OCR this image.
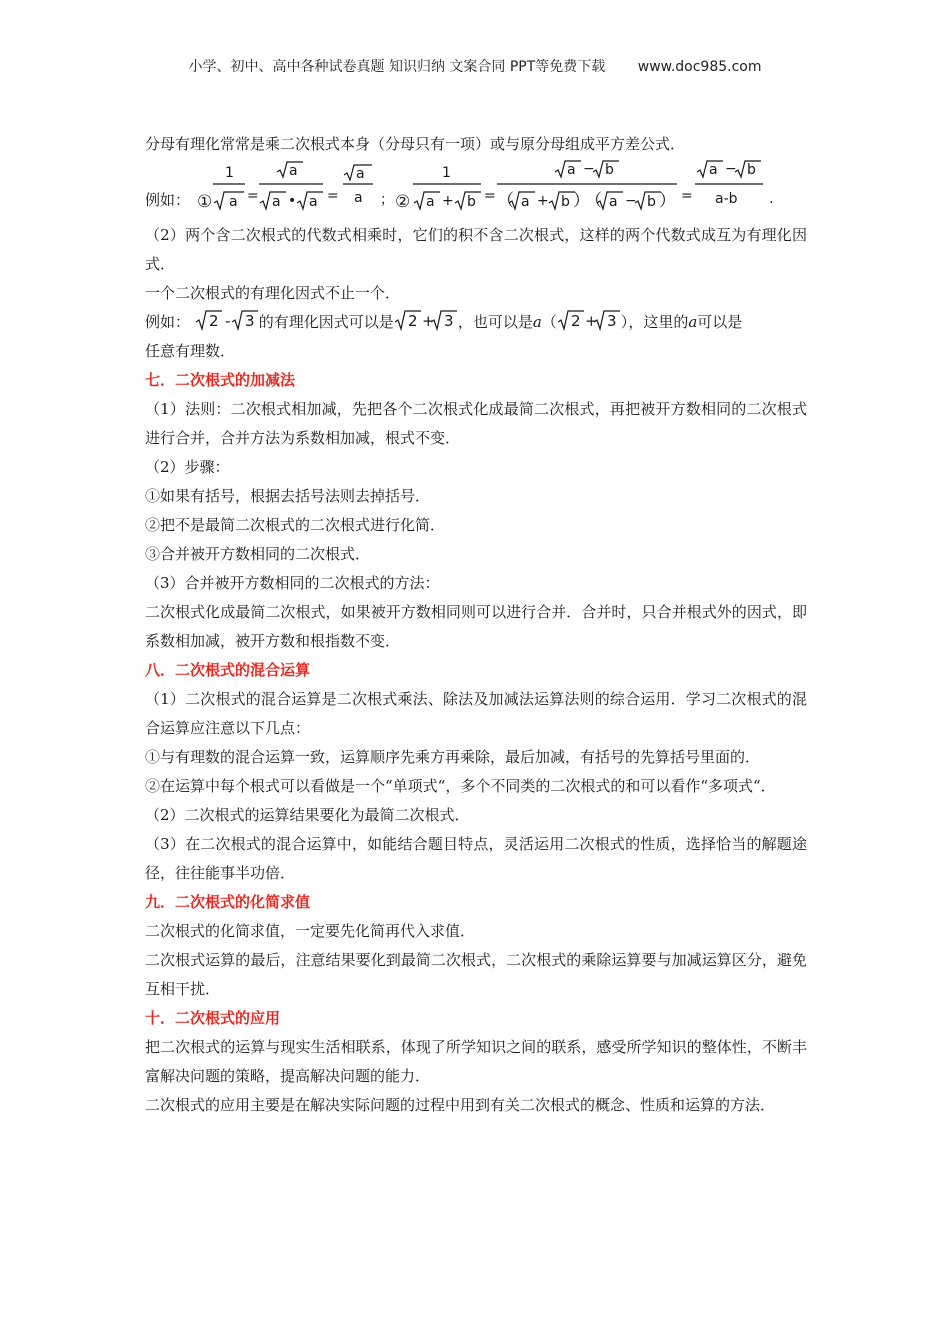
小学、初中、高中各种试卷真题 知识归纳 文案合同 PPT等免费下载 www.doc985.com

分母有理化常常是乘二次根式本身（分母只有一项）或与原分母组成平方差公式．

例如： ①
1
a =
a
a • a =
a
a ； ②
1
a + b =
a − b
（ a + b ）
（ a − b ） =
a − b
a-b .

（2）两个含二次根式的代数式相乘时，它们的积不含二次根式，这样的两个代数式成互为有理化因式．

一个二次根式的有理化因式不止一个．

例如： 2 - 3 的有理化因式可以是 2 + 3 ，也可以是a（ 2 + 3 ），这里的a可以是

任意有理数．

七．二次根式的加减法

（1）法则：二次根式相加减，先把各个二次根式化成最简二次根式，再把被开方数相同的二次根式进行合并，合并方法为系数相加减，根式不变．

（2）步骤：

①如果有括号，根据去括号法则去掉括号．

②把不是最简二次根式的二次根式进行化简．

③合并被开方数相同的二次根式．

（3）合并被开方数相同的二次根式的方法：

二次根式化成最简二次根式，如果被开方数相同则可以进行合并．合并时，只合并根式外的因式，即系数相加减，被开方数和根指数不变．

八．二次根式的混合运算

（1）二次根式的混合运算是二次根式乘法、除法及加减法运算法则的综合运用．学习二次根式的混合运算应注意以下几点：

①与有理数的混合运算一致，运算顺序先乘方再乘除，最后加减，有括号的先算括号里面的．

②在运算中每个根式可以看做是一个“单项式“，多个不同类的二次根式的和可以看作“多项式“．

（2）二次根式的运算结果要化为最简二次根式．

（3）在二次根式的混合运算中，如能结合题目特点，灵活运用二次根式的性质，选择恰当的解题途径，往往能事半功倍．

九．二次根式的化简求值

二次根式的化简求值，一定要先化简再代入求值．

二次根式运算的最后，注意结果要化到最简二次根式，二次根式的乘除运算要与加减运算区分，避免互相干扰．

十．二次根式的应用

把二次根式的运算与现实生活相联系，体现了所学知识之间的联系，感受所学知识的整体性，不断丰富解决问题的策略，提高解决问题的能力．

二次根式的应用主要是在解决实际问题的过程中用到有关二次根式的概念、性质和运算的方法．
